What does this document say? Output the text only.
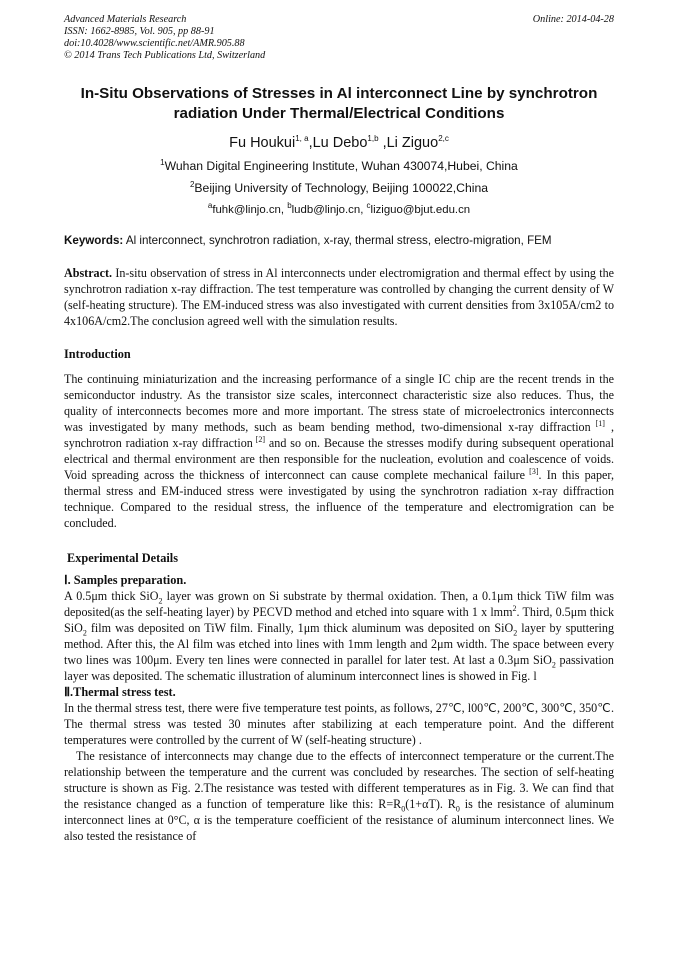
Advanced Materials Research
ISSN: 1662-8985, Vol. 905, pp 88-91
doi:10.4028/www.scientific.net/AMR.905.88
© 2014 Trans Tech Publications Ltd, Switzerland
Online: 2014-04-28
In-Situ Observations of Stresses in Al interconnect Line by synchrotron radiation Under Thermal/Electrical Conditions
Fu Houkui$^{1, a}$,Lu Debo$^{1,b}$ ,Li Ziguo$^{2,c}$
$^1$Wuhan Digital Engineering Institute, Wuhan 430074,Hubei, China
$^2$Beijing University of Technology, Beijing 100022,China
$^a$fuhk@linjo.cn, $^b$ludb@linjo.cn, $^c$liziguo@bjut.edu.cn
Keywords: Al interconnect, synchrotron radiation, x-ray, thermal stress, electro-migration, FEM
Abstract. In-situ observation of stress in Al interconnects under electromigration and thermal effect by using the synchrotron radiation x-ray diffraction. The test temperature was controlled by changing the current density of W (self-heating structure). The EM-induced stress was also investigated with current densities from 3x105A/cm2 to 4x106A/cm2.The conclusion agreed well with the simulation results.
Introduction
The continuing miniaturization and the increasing performance of a single IC chip are the recent trends in the semiconductor industry. As the transistor size scales, interconnect characteristic size also reduces. Thus, the quality of interconnects becomes more and more important. The stress state of microelectronics interconnects was investigated by many methods, such as beam bending method, two-dimensional x-ray diffraction [1] , synchrotron radiation x-ray diffraction [2] and so on. Because the stresses modify during subsequent operational electrical and thermal environment are then responsible for the nucleation, evolution and coalescence of voids. Void spreading across the thickness of interconnect can cause complete mechanical failure [3]. In this paper, thermal stress and EM-induced stress were investigated by using the synchrotron radiation x-ray diffraction technique. Compared to the residual stress, the influence of the temperature and electromigration can be concluded.
Experimental Details
Ⅰ. Samples preparation.
A 0.5μm thick SiO$_2$ layer was grown on Si substrate by thermal oxidation. Then, a 0.1μm thick TiW film was deposited(as the self-heating layer) by PECVD method and etched into square with 1 x lmm$^2$. Third, 0.5μm thick SiO$_2$ film was deposited on TiW film. Finally, 1μm thick aluminum was deposited on SiO$_2$ layer by sputtering method. After this, the Al film was etched into lines with 1mm length and 2μm width. The space between every two lines was 100μm. Every ten lines were connected in parallel for later test. At last a 0.3μm SiO$_2$ passivation layer was deposited. The schematic illustration of aluminum interconnect lines is showed in Fig. l
Ⅱ.Thermal stress test.
In the thermal stress test, there were five temperature test points, as follows, 27℃, l00℃, 200℃, 300℃, 350℃. The thermal stress was tested 30 minutes after stabilizing at each temperature point. And the different temperatures were controlled by the current of W (self-heating structure) .
The resistance of interconnects may change due to the effects of interconnect temperature or the current.The relationship between the temperature and the current was concluded by researches. The section of self-heating structure is shown as Fig. 2.The resistance was tested with different temperatures as in Fig. 3. We can find that the resistance changed as a function of temperature like this: $R=R_0(1+\alpha T)$. $R_0$ is the resistance of aluminum interconnect lines at 0°C, α is the temperature coefficient of the resistance of aluminum interconnect lines. We also tested the resistance of
